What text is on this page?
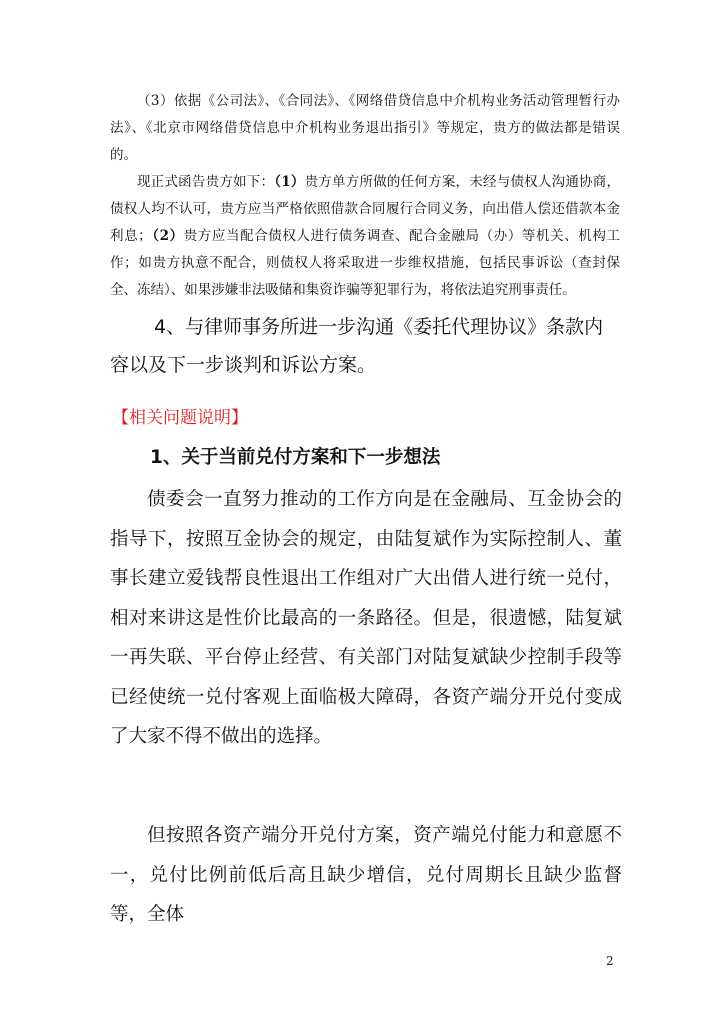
（3）依据《公司法》、《合同法》、《网络借贷信息中介机构业务活动管理暂行办法》、《北京市网络借贷信息中介机构业务退出指引》等规定，贵方的做法都是错误的。

现正式函告贵方如下：（1）贵方单方所做的任何方案，未经与债权人沟通协商，债权人均不认可，贵方应当严格依照借款合同履行合同义务，向出借人偿还借款本金利息；（2）贵方应当配合债权人进行债务调查、配合金融局（办）等机关、机构工作；如贵方执意不配合，则债权人将采取进一步维权措施，包括民事诉讼（查封保全、冻结）、如果涉嫌非法吸储和集资诈骗等犯罪行为，将依法追究刑事责任。

4、与律师事务所进一步沟通《委托代理协议》条款内容以及下一步谈判和诉讼方案。
【相关问题说明】
1、关于当前兑付方案和下一步想法

债委会一直努力推动的工作方向是在金融局、互金协会的指导下，按照互金协会的规定，由陆复斌作为实际控制人、董事长建立爱钱帮良性退出工作组对广大出借人进行统一兑付，相对来讲这是性价比最高的一条路径。但是，很遗憾，陆复斌一再失联、平台停止经营、有关部门对陆复斌缺少控制手段等已经使统一兑付客观上面临极大障碍，各资产端分开兑付变成了大家不得不做出的选择。

但按照各资产端分开兑付方案，资产端兑付能力和意愿不一，兑付比例前低后高且缺少增信，兑付周期长且缺少监督等，全体

2
